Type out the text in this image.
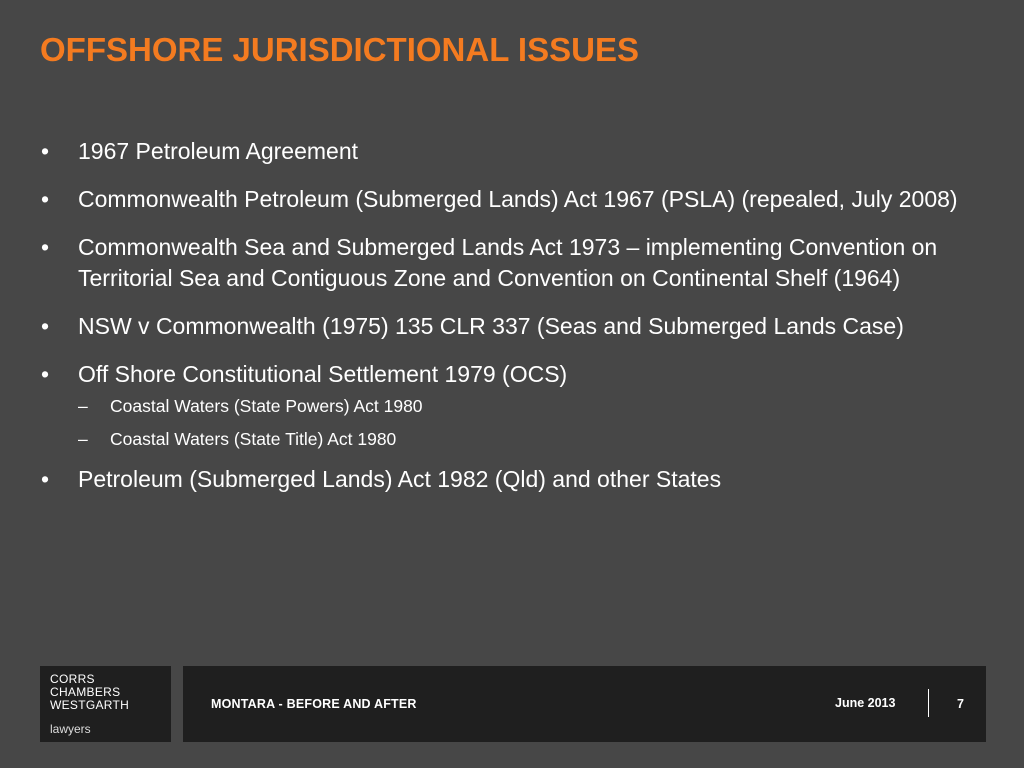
OFFSHORE JURISDICTIONAL ISSUES
• 1967 Petroleum Agreement
• Commonwealth Petroleum (Submerged Lands) Act 1967 (PSLA) (repealed, July 2008)
• Commonwealth Sea and Submerged Lands Act 1973 – implementing Convention on Territorial Sea and Contiguous Zone and Convention on Continental Shelf (1964)
• NSW v Commonwealth (1975) 135 CLR 337 (Seas and Submerged Lands Case)
• Off Shore Constitutional Settlement 1979 (OCS)
– Coastal Waters (State Powers) Act 1980
– Coastal Waters (State Title) Act 1980
• Petroleum (Submerged Lands) Act 1982 (Qld) and other States
CORRS
CHAMBERS
WESTGARTH
lawyers
MONTARA - BEFORE AND AFTER	June 2013	7
